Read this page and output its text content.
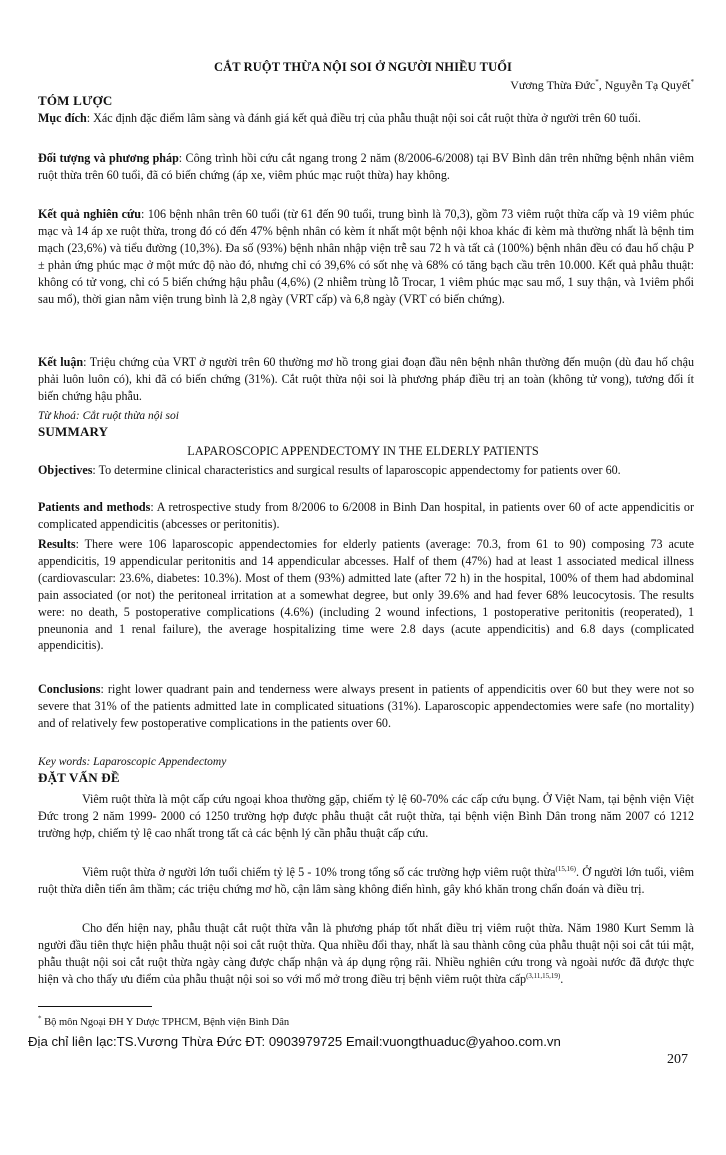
CẮT RUỘT THỪA NỘI SOI Ở NGƯỜI NHIỀU TUỔI
Vương Thừa Đức*, Nguyễn Tạ Quyết*
TÓM LƯỢC

Mục đích: Xác định đặc điểm lâm sàng và đánh giá kết quả điều trị của phẫu thuật nội soi cắt ruột thừa ở người trên 60 tuổi.

Đối tượng và phương pháp: Công trình hồi cứu cắt ngang trong 2 năm (8/2006-6/2008) tại BV Bình dân trên những bệnh nhân viêm ruột thừa trên 60 tuổi, đã có biến chứng (áp xe, viêm phúc mạc ruột thừa) hay không.

Kết quả nghiên cứu: 106 bệnh nhân trên 60 tuổi (từ 61 đến 90 tuổi, trung bình là 70,3), gồm 73 viêm ruột thừa cấp và 19 viêm phúc mạc và 14 áp xe ruột thừa, trong đó có đến 47% bệnh nhân có kèm ít nhất một bệnh nội khoa khác đi kèm mà thường nhất là bệnh tim mạch (23,6%) và tiểu đường (10,3%). Đa số (93%) bệnh nhân nhập viện trễ sau 72 h và tất cả (100%) bệnh nhân đều có đau hố chậu P ± phản ứng phúc mạc ở một mức độ nào đó, nhưng chỉ có 39,6% có sốt nhẹ và 68% có tăng bạch cầu trên 10.000. Kết quả phẫu thuật: không có tử vong, chỉ có 5 biến chứng hậu phẫu (4,6%) (2 nhiễm trùng lỗ Trocar, 1 viêm phúc mạc sau mổ, 1 suy thận, và 1viêm phổi sau mổ), thời gian nằm viện trung bình là 2,8 ngày (VRT cấp) và 6,8 ngày (VRT có biến chứng).

Kết luận: Triệu chứng của VRT ở người trên 60 thường mơ hồ trong giai đoạn đầu nên bệnh nhân thường đến muộn (dù đau hố chậu phải luôn luôn có), khi đã có biến chứng (31%). Cắt ruột thừa nội soi là phương pháp điều trị an toàn (không tử vong), tương đối ít biến chứng hậu phẫu.

Từ khoá: Cắt ruột thừa nội soi
SUMMARY
LAPAROSCOPIC APPENDECTOMY IN THE ELDERLY PATIENTS

Objectives: To determine clinical characteristics and surgical results of laparoscopic appendectomy for patients over 60.

Patients and methods: A retrospective study from 8/2006 to 6/2008 in Binh Dan hospital, in patients over 60 of acte appendicitis or complicated appendicitis (abcesses or peritonitis).

Results: There were 106 laparoscopic appendectomies for elderly patients (average: 70.3, from 61 to 90) composing 73 acute appendicitis, 19 appendicular peritonitis and 14 appendicular abcesses. Half of them (47%) had at least 1 associated medical illness (cardiovascular: 23.6%, diabetes: 10.3%). Most of them (93%) admitted late (after 72 h) in the hospital, 100% of them had abdominal pain associated (or not) the peritoneal irritation at a somewhat degree, but only 39.6% and had fever 68% leucocytosis. The results were: no death, 5 postoperative complications (4.6%) (including 2 wound infections, 1 postoperative peritonitis (reoperated), 1 pneunonia and 1 renal failure), the average hospitalizing time were 2.8 days (acute appendicitis) and 6.8 days (complicated appendicitis).

Conclusions: right lower quadrant pain and tenderness were always present in patients of appendicitis over 60 but they were not so severe that 31% of the patients admitted late in complicated situations (31%). Laparoscopic appendectomies were safe (no mortality) and of relatively few postoperative complications in the patients over 60.

Key words: Laparoscopic Appendectomy
ĐẶT VẤN ĐỀ

Viêm ruột thừa là một cấp cứu ngoại khoa thường gặp, chiếm tỷ lệ 60-70% các cấp cứu bụng. Ở Việt Nam, tại bệnh viện Việt Đức trong 2 năm 1999- 2000 có 1250 trường hợp được phẫu thuật cắt ruột thừa, tại bệnh viện Bình Dân trong năm 2007 có 1212 trường hợp, chiếm tỷ lệ cao nhất trong tất cả các bệnh lý cần phẫu thuật cấp cứu.

Viêm ruột thừa ở người lớn tuổi chiếm tỷ lệ 5 - 10% trong tổng số các trường hợp viêm ruột thừa$^{(15,16)}$. Ở người lớn tuổi, viêm ruột thừa diễn tiến âm thầm; các triệu chứng mơ hồ, cận lâm sàng không điển hình, gây khó khăn trong chẩn đoán và điều trị.

Cho đến hiện nay, phẫu thuật cắt ruột thừa vẫn là phương pháp tốt nhất điều trị viêm ruột thừa. Năm 1980 Kurt Semm là người đầu tiên thực hiện phẫu thuật nội soi cắt ruột thừa. Qua nhiều đổi thay, nhất là sau thành công của phẫu thuật nội soi cắt túi mật, phẫu thuật nội soi cắt ruột thừa ngày càng được chấp nhận và áp dụng rộng rãi. Nhiều nghiên cứu trong và ngoài nước đã được thực hiện và cho thấy ưu điểm của phẫu thuật nội soi so với mổ mở trong điều trị bệnh viêm ruột thừa cấp$^{(3,11,15,19)}$.

* Bộ môn Ngoại ĐH Y Dược TPHCM, Bệnh viện Bình Dân
Địa chỉ liên lạc:TS.Vương Thừa Đức ĐT: 0903979725 Email:vuongthuaduc@yahoo.com.vn
207
